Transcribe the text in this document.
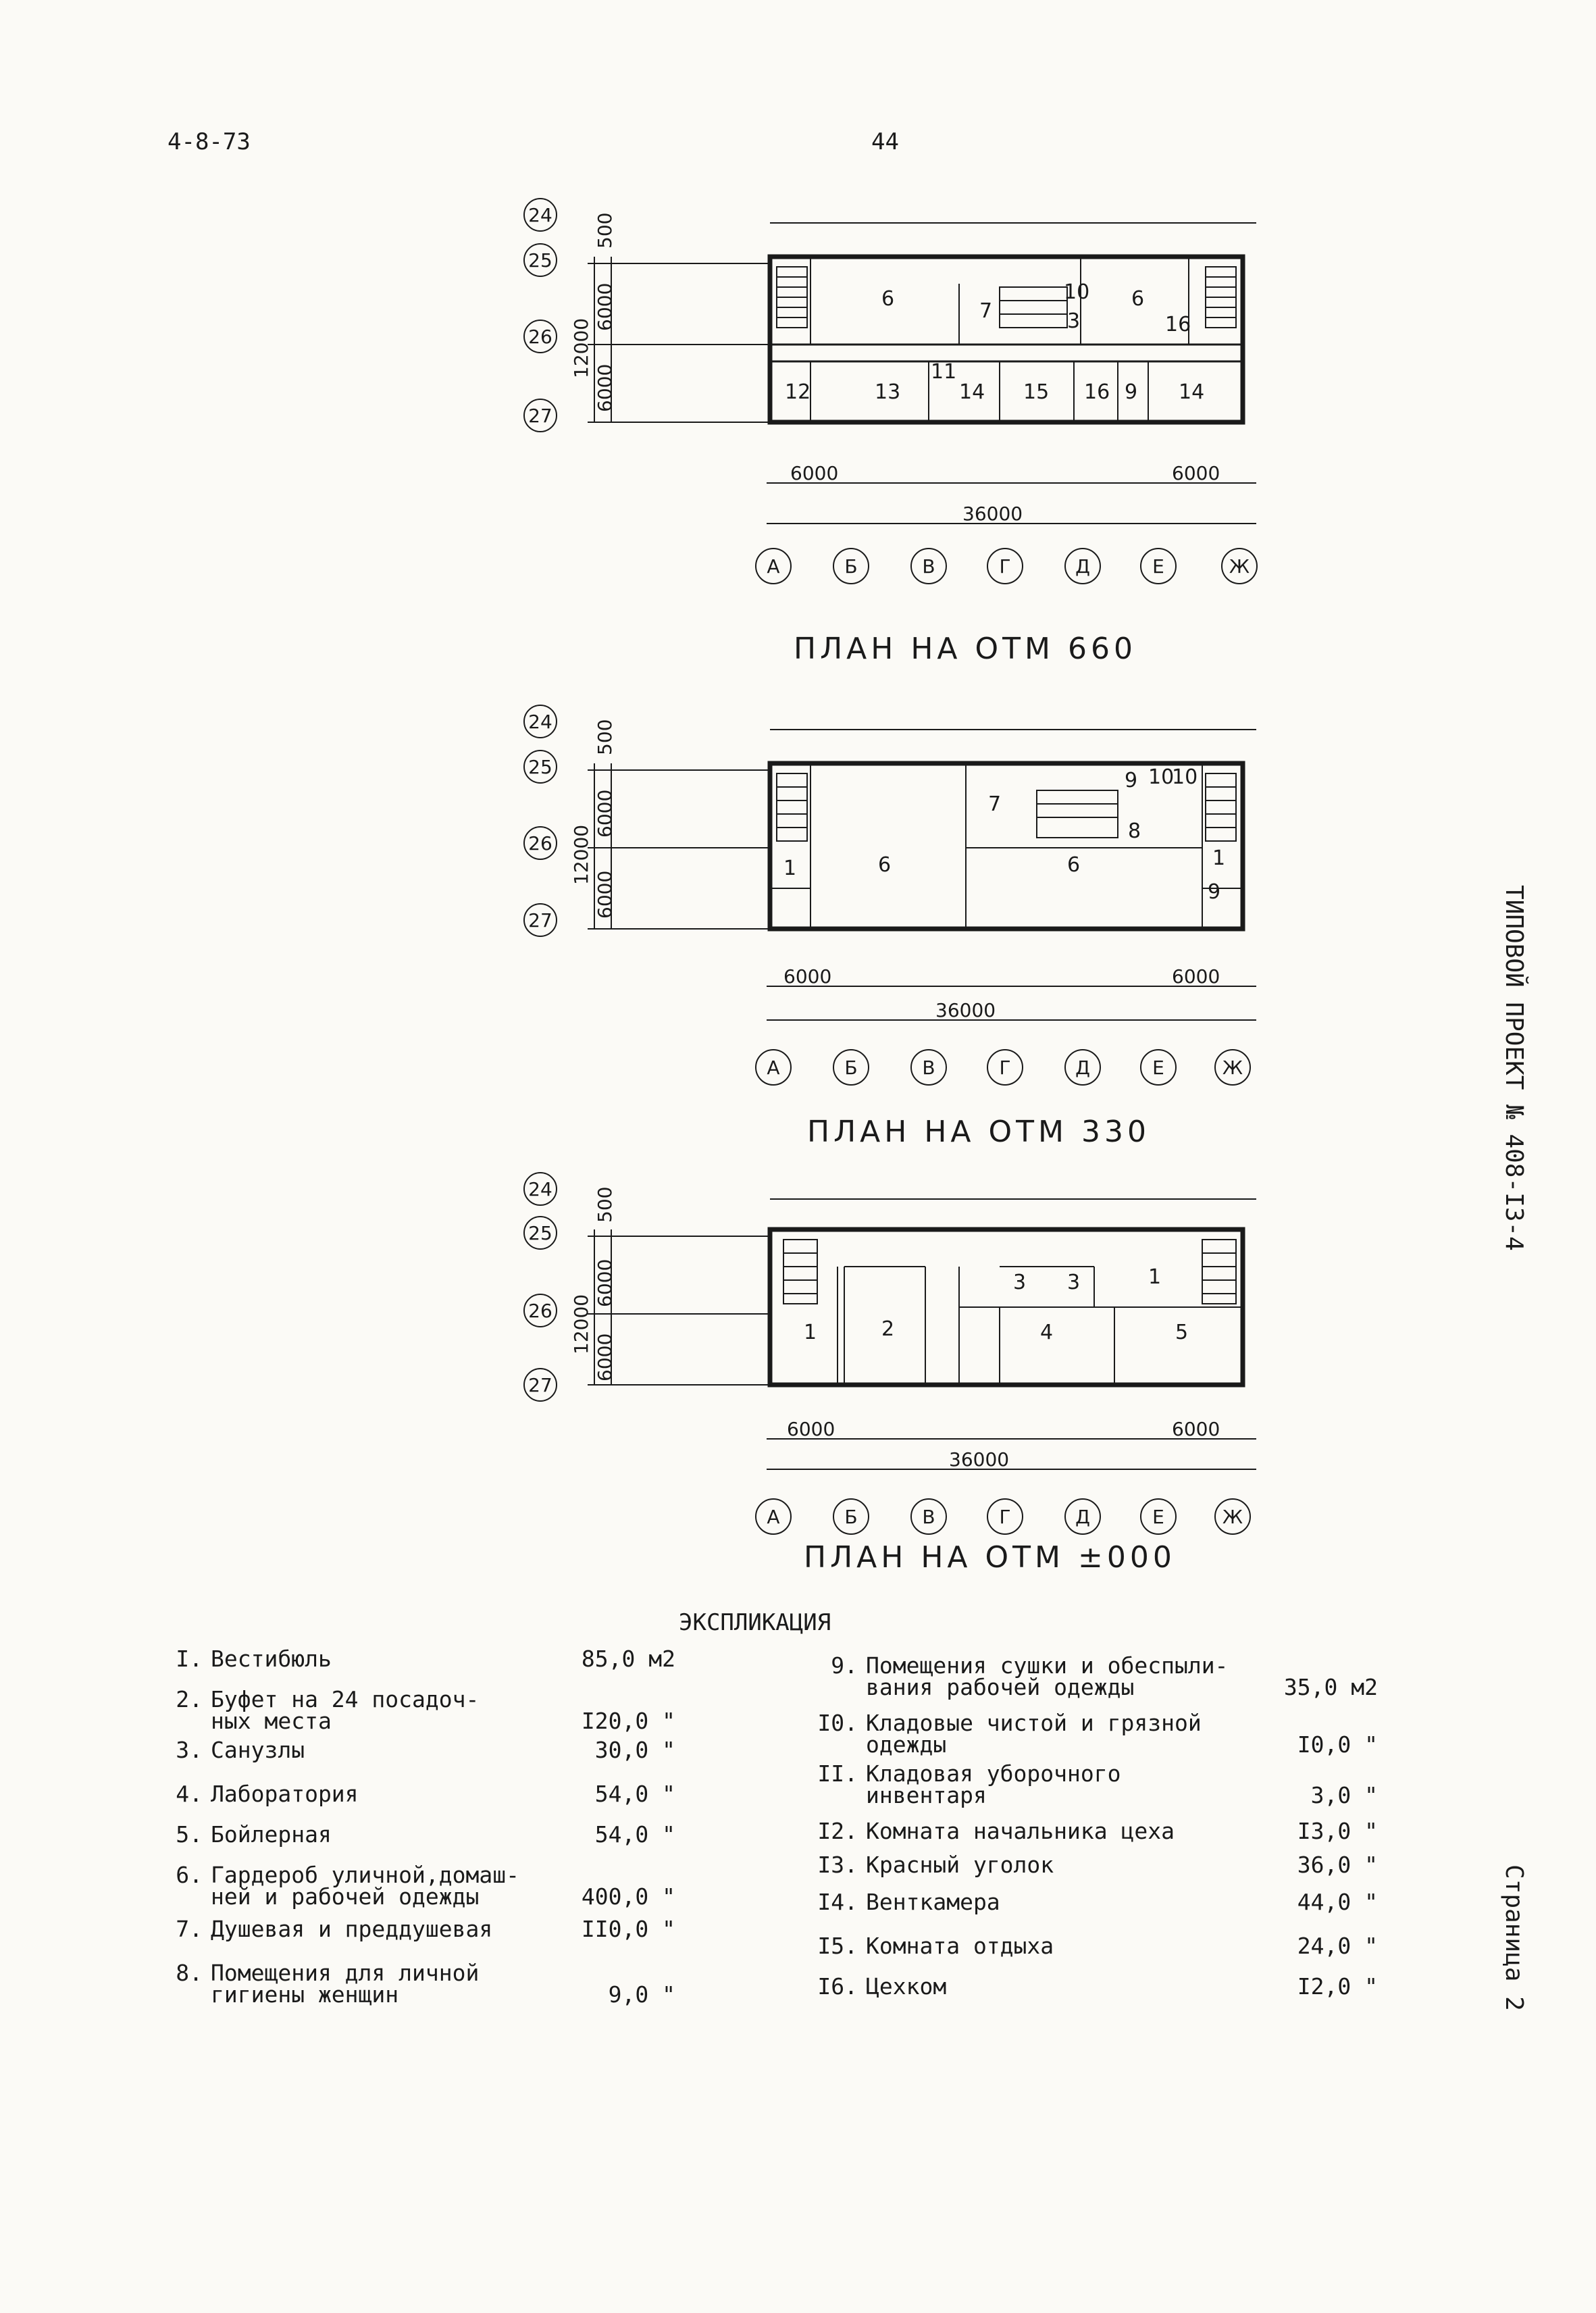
4-8-73	44
ТИПОВОЙ ПРОЕКТ № 408-I3-4
Страница 2
24
25
26
27
500
6000
12000
6000
6000	6000
36000
А	Б	В	Г	Д	Е	Ж
6
7
10
3
6
16
12	13
11
14 15 16 9 14
ПЛАН НА ОТМ 660
24
25
26
27
500
6000
12000
6000
6000	6000
36000
А	Б	В	Г	Д	Е	Ж
7
9 10
10
8
1	6	6	1
9
ПЛАН НА ОТМ 330
24
25
26
27
500
6000
12000
6000
6000	6000
36000
А	Б	В	Г	Д	Е	Ж
3 3	1
1	2	4	5
ПЛАН НА ОТМ ±000
ЭКСПЛИКАЦИЯ
I. Вестибюль	85,0 м2
2. Буфет на 24 посадоч-
ных места	I20,0 "
3. Санузлы	30,0 "
4. Лаборатория	54,0 "
5. Бойлерная	54,0 "
6. Гардероб уличной,домаш-
ней и рабочей одежды	400,0 "
7. Душевая и преддушевая	II0,0 "
8. Помещения для личной
гигиены женщин	9,0 "
9. Помещения сушки и обеспыли-
вания рабочей одежды	35,0 м2
I0. Кладовые чистой и грязной
одежды	I0,0 "
II. Кладовая уборочного
инвентаря	3,0 "
I2. Комната начальника цеха	I3,0 "
I3. Красный уголок	36,0 "
I4. Венткамера	44,0 "
I5. Комната отдыха	24,0 "
I6. Цехком	I2,0 "
